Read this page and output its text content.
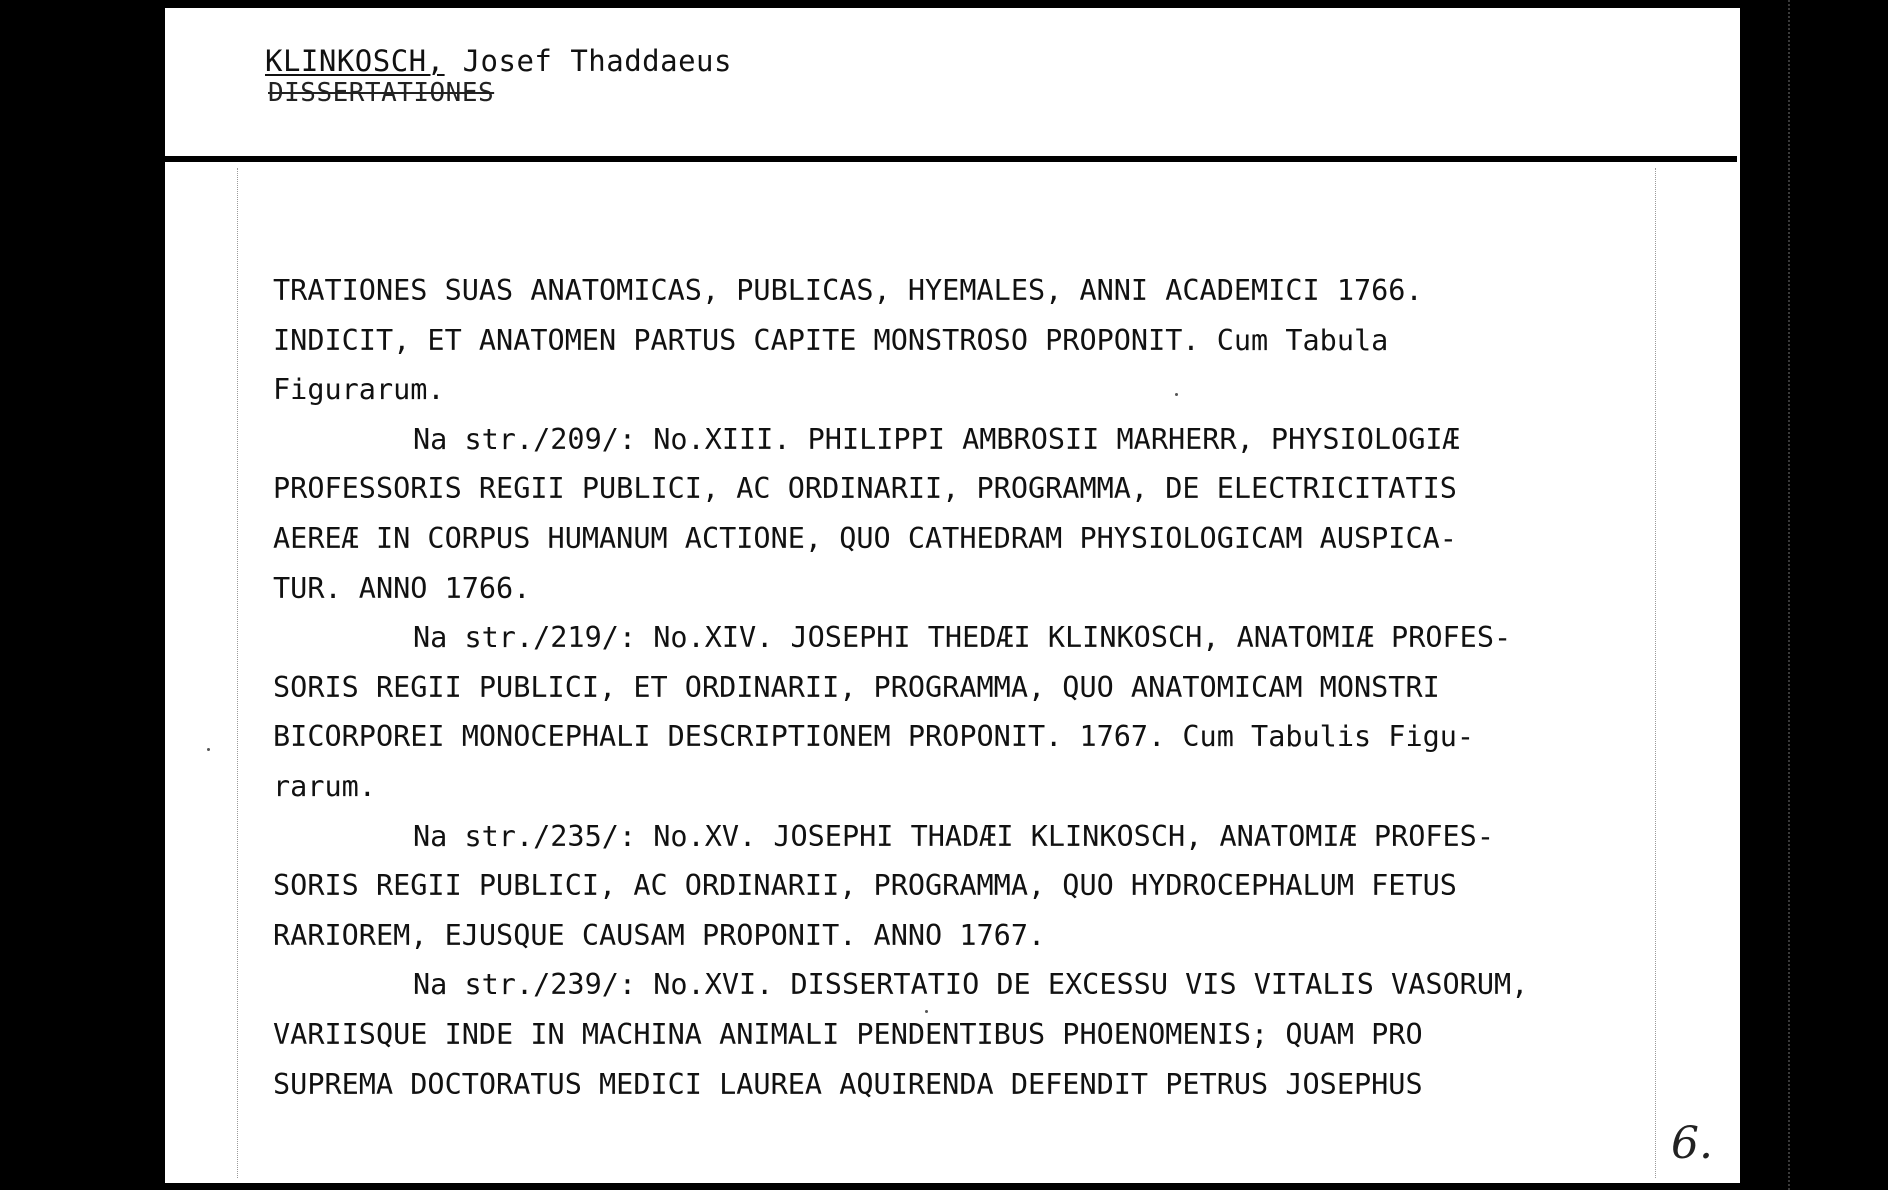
KLINKOSCH, Josef Thaddaeus
DISSERTATIONES
TRATIONES SUAS ANATOMICAS, PUBLICAS, HYEMALES, ANNI ACADEMICI 1766.
INDICIT, ET ANATOMEN PARTUS CAPITE MONSTROSO PROPONIT. Cum Tabula
Figurarum.
Na str./209/: No.XIII. PHILIPPI AMBROSII MARHERR, PHYSIOLOGIÆ
PROFESSORIS REGII PUBLICI, AC ORDINARII, PROGRAMMA, DE ELECTRICITATIS
AEREÆ IN CORPUS HUMANUM ACTIONE, QUO CATHEDRAM PHYSIOLOGICAM AUSPICA-
TUR. ANNO 1766.
Na str./219/: No.XIV. JOSEPHI THEDÆI KLINKOSCH, ANATOMIÆ PROFES-
SORIS REGII PUBLICI, ET ORDINARII, PROGRAMMA, QUO ANATOMICAM MONSTRI
BICORPOREI MONOCEPHALI DESCRIPTIONEM PROPONIT. 1767. Cum Tabulis Figu-
rarum.
Na str./235/: No.XV. JOSEPHI THADÆI KLINKOSCH, ANATOMIÆ PROFES-
SORIS REGII PUBLICI, AC ORDINARII, PROGRAMMA, QUO HYDROCEPHALUM FETUS
RARIOREM, EJUSQUE CAUSAM PROPONIT. ANNO 1767.
Na str./239/: No.XVI. DISSERTATIO DE EXCESSU VIS VITALIS VASORUM,
VARIISQUE INDE IN MACHINA ANIMALI PENDENTIBUS PHOENOMENIS; QUAM PRO
SUPREMA DOCTORATUS MEDICI LAUREA AQUIRENDA DEFENDIT PETRUS JOSEPHUS
6.
